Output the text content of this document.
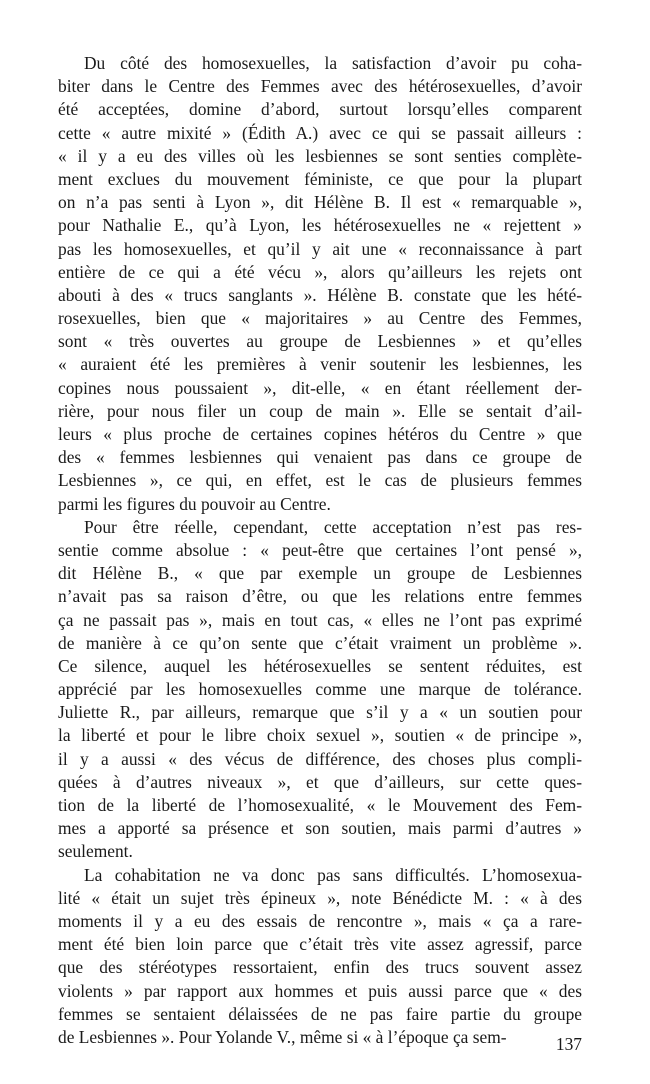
Du côté des homosexuelles, la satisfaction d’avoir pu coha-
biter dans le Centre des Femmes avec des hétérosexuelles, d’avoir
été acceptées, domine d’abord, surtout lorsqu’elles comparent
cette « autre mixité » (Édith A.) avec ce qui se passait ailleurs :
« il y a eu des villes où les lesbiennes se sont senties complète-
ment exclues du mouvement féministe, ce que pour la plupart
on n’a pas senti à Lyon », dit Hélène B. Il est « remarquable »,
pour Nathalie E., qu’à Lyon, les hétérosexuelles ne « rejettent »
pas les homosexuelles, et qu’il y ait une « reconnaissance à part
entière de ce qui a été vécu », alors qu’ailleurs les rejets ont
abouti à des « trucs sanglants ». Hélène B. constate que les hété-
rosexuelles, bien que « majoritaires » au Centre des Femmes,
sont « très ouvertes au groupe de Lesbiennes » et qu’elles
« auraient été les premières à venir soutenir les lesbiennes, les
copines nous poussaient », dit-elle, « en étant réellement der-
rière, pour nous filer un coup de main ». Elle se sentait d’ail-
leurs « plus proche de certaines copines hétéros du Centre » que
des « femmes lesbiennes qui venaient pas dans ce groupe de
Lesbiennes », ce qui, en effet, est le cas de plusieurs femmes
parmi les figures du pouvoir au Centre.
Pour être réelle, cependant, cette acceptation n’est pas res-
sentie comme absolue : « peut-être que certaines l’ont pensé »,
dit Hélène B., « que par exemple un groupe de Lesbiennes
n’avait pas sa raison d’être, ou que les relations entre femmes
ça ne passait pas », mais en tout cas, « elles ne l’ont pas exprimé
de manière à ce qu’on sente que c’était vraiment un problème ».
Ce silence, auquel les hétérosexuelles se sentent réduites, est
apprécié par les homosexuelles comme une marque de tolérance.
Juliette R., par ailleurs, remarque que s’il y a « un soutien pour
la liberté et pour le libre choix sexuel », soutien « de principe »,
il y a aussi « des vécus de différence, des choses plus compli-
quées à d’autres niveaux », et que d’ailleurs, sur cette ques-
tion de la liberté de l’homosexualité, « le Mouvement des Fem-
mes a apporté sa présence et son soutien, mais parmi d’autres »
seulement.
La cohabitation ne va donc pas sans difficultés. L’homosexua-
lité « était un sujet très épineux », note Bénédicte M. : « à des
moments il y a eu des essais de rencontre », mais « ça a rare-
ment été bien loin parce que c’était très vite assez agressif, parce
que des stéréotypes ressortaient, enfin des trucs souvent assez
violents » par rapport aux hommes et puis aussi parce que « des
femmes se sentaient délaissées de ne pas faire partie du groupe
de Lesbiennes ». Pour Yolande V., même si « à l’époque ça sem-	137
